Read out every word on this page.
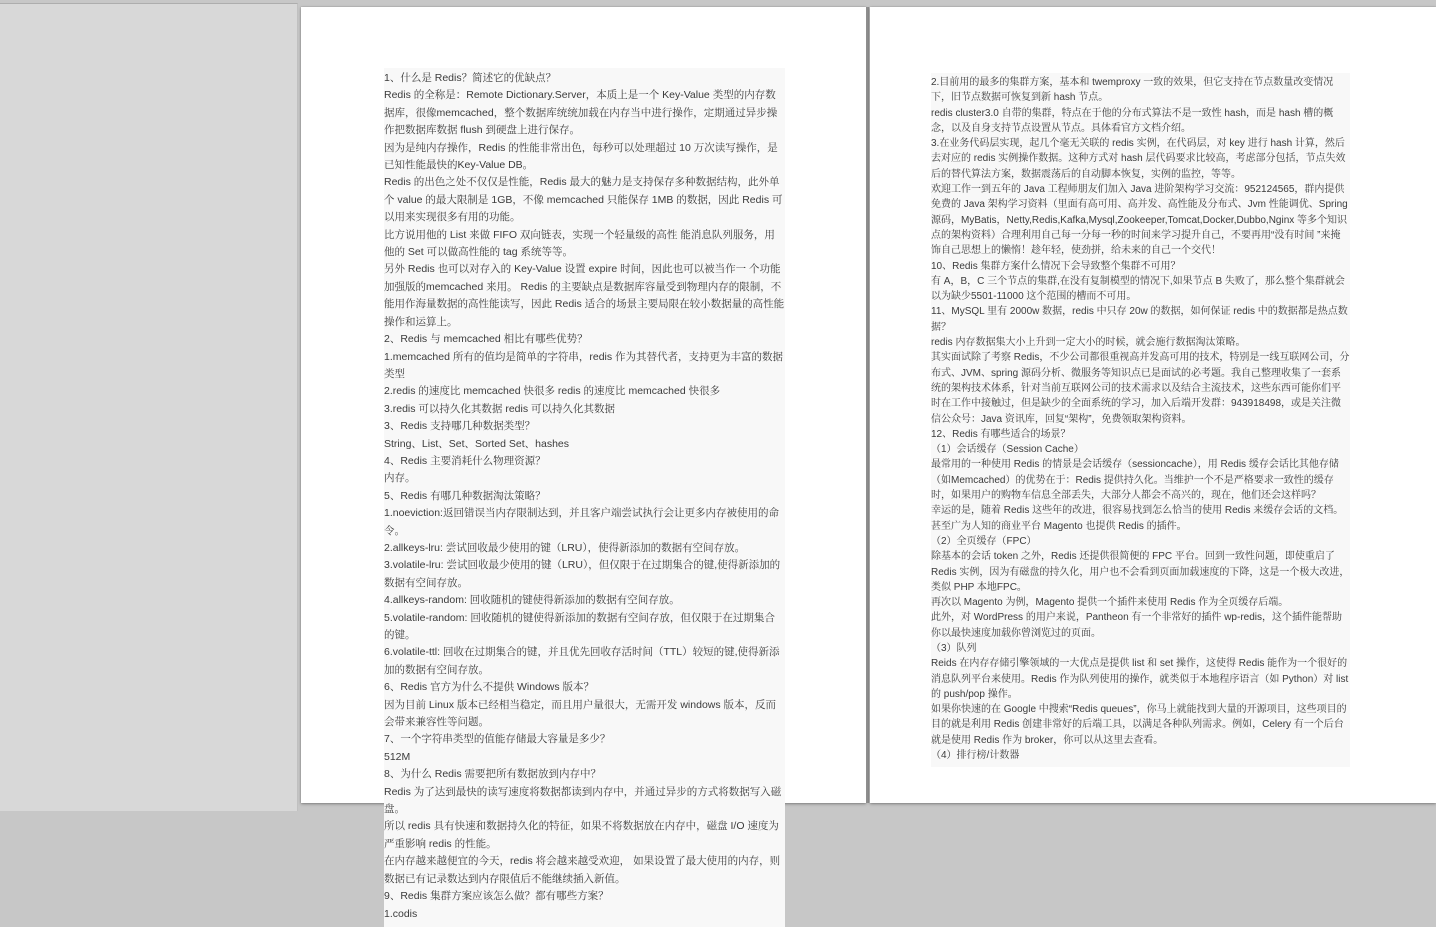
1、什么是 Redis？简述它的优缺点？
Redis 的全称是：Remote Dictionary.Server，本质上是一个 Key-Value 类型的内存数据库，很像memcached，整个数据库统统加载在内存当中进行操作，定期通过异步操作把数据库数据 flush 到硬盘上进行保存。
因为是纯内存操作，Redis 的性能非常出色，每秒可以处理超过 10 万次读写操作，是已知性能最快的Key-Value DB。
Redis 的出色之处不仅仅是性能，Redis 最大的魅力是支持保存多种数据结构，此外单个 value 的最大限制是 1GB，不像 memcached 只能保存 1MB 的数据，因此 Redis 可以用来实现很多有用的功能。
比方说用他的 List 来做 FIFO 双向链表，实现一个轻量级的高性 能消息队列服务，用他的 Set 可以做高性能的 tag 系统等等。
另外 Redis 也可以对存入的 Key-Value 设置 expire 时间，因此也可以被当作一 个功能加强版的memcached 来用。 Redis 的主要缺点是数据库容量受到物理内存的限制，不能用作海量数据的高性能读写，因此 Redis 适合的场景主要局限在较小数据量的高性能操作和运算上。
2、Redis 与 memcached 相比有哪些优势？
1.memcached 所有的值均是简单的字符串，redis 作为其替代者，支持更为丰富的数据类型
2.redis 的速度比 memcached 快很多 redis 的速度比 memcached 快很多
3.redis 可以持久化其数据 redis 可以持久化其数据
3、Redis 支持哪几种数据类型？
String、List、Set、Sorted Set、hashes
4、Redis 主要消耗什么物理资源？
内存。
5、Redis 有哪几种数据淘汰策略？
1.noeviction:返回错误当内存限制达到，并且客户端尝试执行会让更多内存被使用的命令。
2.allkeys-lru: 尝试回收最少使用的键（LRU），使得新添加的数据有空间存放。
3.volatile-lru: 尝试回收最少使用的键（LRU），但仅限于在过期集合的键,使得新添加的数据有空间存放。
4.allkeys-random: 回收随机的键使得新添加的数据有空间存放。
5.volatile-random: 回收随机的键使得新添加的数据有空间存放，但仅限于在过期集合的键。
6.volatile-ttl: 回收在过期集合的键，并且优先回收存活时间（TTL）较短的键,使得新添加的数据有空间存放。
6、Redis 官方为什么不提供 Windows 版本？
因为目前 Linux 版本已经相当稳定，而且用户量很大，无需开发 windows 版本，反而会带来兼容性等问题。
7、一个字符串类型的值能存储最大容量是多少？
512M
8、为什么 Redis 需要把所有数据放到内存中？
Redis 为了达到最快的读写速度将数据都读到内存中，并通过异步的方式将数据写入磁盘。
所以 redis 具有快速和数据持久化的特征，如果不将数据放在内存中，磁盘 I/O 速度为严重影响 redis 的性能。
在内存越来越便宜的今天，redis 将会越来越受欢迎， 如果设置了最大使用的内存，则数据已有记录数达到内存限值后不能继续插入新值。
9、Redis 集群方案应该怎么做？都有哪些方案？
1.codis
2.目前用的最多的集群方案，基本和 twemproxy 一致的效果，但它支持在节点数量改变情况下，旧节点数据可恢复到新 hash 节点。
redis cluster3.0 自带的集群，特点在于他的分布式算法不是一致性 hash，而是 hash 槽的概念，以及自身支持节点设置从节点。具体看官方文档介绍。
3.在业务代码层实现，起几个毫无关联的 redis 实例，在代码层，对 key 进行 hash 计算，然后去对应的 redis 实例操作数据。这种方式对 hash 层代码要求比较高，考虑部分包括，节点失效后的替代算法方案，数据震荡后的自动脚本恢复，实例的监控，等等。
欢迎工作一到五年的 Java 工程师朋友们加入 Java 进阶架构学习交流：952124565，群内提供免费的 Java 架构学习资料（里面有高可用、高并发、高性能及分布式、Jvm 性能调优、Spring 源码，MyBatis，Netty,Redis,Kafka,Mysql,Zookeeper,Tomcat,Docker,Dubbo,Nginx 等多个知识点的架构资料）合理利用自己每一分每一秒的时间来学习提升自己，不要再用“没有时间 ”来掩饰自己思想上的懒惰！趁年轻，使劲拼，给未来的自己一个交代！
10、Redis 集群方案什么情况下会导致整个集群不可用？
有 A，B，C 三个节点的集群,在没有复制模型的情况下,如果节点 B 失败了，那么整个集群就会以为缺少5501-11000 这个范围的槽而不可用。
11、MySQL 里有 2000w 数据，redis 中只存 20w 的数据，如何保证 redis 中的数据都是热点数据？
redis 内存数据集大小上升到一定大小的时候，就会施行数据淘汰策略。
其实面试除了考察 Redis，不少公司都很重视高并发高可用的技术，特别是一线互联网公司，分布式、JVM、spring 源码分析、微服务等知识点已是面试的必考题。我自己整理收集了一套系统的架构技术体系，针对当前互联网公司的技术需求以及结合主流技术，这些东西可能你们平时在工作中接触过，但是缺少的全面系统的学习，加入后端开发群：943918498，或是关注微信公众号：Java 资讯库，回复“架构”，免费领取架构资料。
12、Redis 有哪些适合的场景？
（1）会话缓存（Session Cache）
最常用的一种使用 Redis 的情景是会话缓存（sessioncache），用 Redis 缓存会话比其他存储（如Memcached）的优势在于：Redis 提供持久化。当维护一个不是严格要求一致性的缓存时，如果用户的购物车信息全部丢失，大部分人都会不高兴的，现在，他们还会这样吗？
幸运的是，随着 Redis 这些年的改进，很容易找到怎么恰当的使用 Redis 来缓存会话的文档。甚至广为人知的商业平台 Magento 也提供 Redis 的插件。
（2）全页缓存（FPC）
除基本的会话 token 之外，Redis 还提供很简便的 FPC 平台。回到一致性问题，即使重启了 Redis 实例，因为有磁盘的持久化，用户也不会看到页面加载速度的下降，这是一个极大改进，类似 PHP 本地FPC。
再次以 Magento 为例，Magento 提供一个插件来使用 Redis 作为全页缓存后端。
此外，对 WordPress 的用户来说，Pantheon 有一个非常好的插件 wp-redis，这个插件能帮助你以最快速度加载你曾浏览过的页面。
（3）队列
Reids 在内存存储引擎领域的一大优点是提供 list 和 set 操作，这使得 Redis 能作为一个很好的消息队列平台来使用。Redis 作为队列使用的操作，就类似于本地程序语言（如 Python）对 list 的 push/pop 操作。
如果你快速的在 Google 中搜索“Redis queues”，你马上就能找到大量的开源项目，这些项目的目的就是利用 Redis 创建非常好的后端工具，以满足各种队列需求。例如，Celery 有一个后台就是使用 Redis 作为 broker，你可以从这里去查看。
（4）排行榜/计数器
